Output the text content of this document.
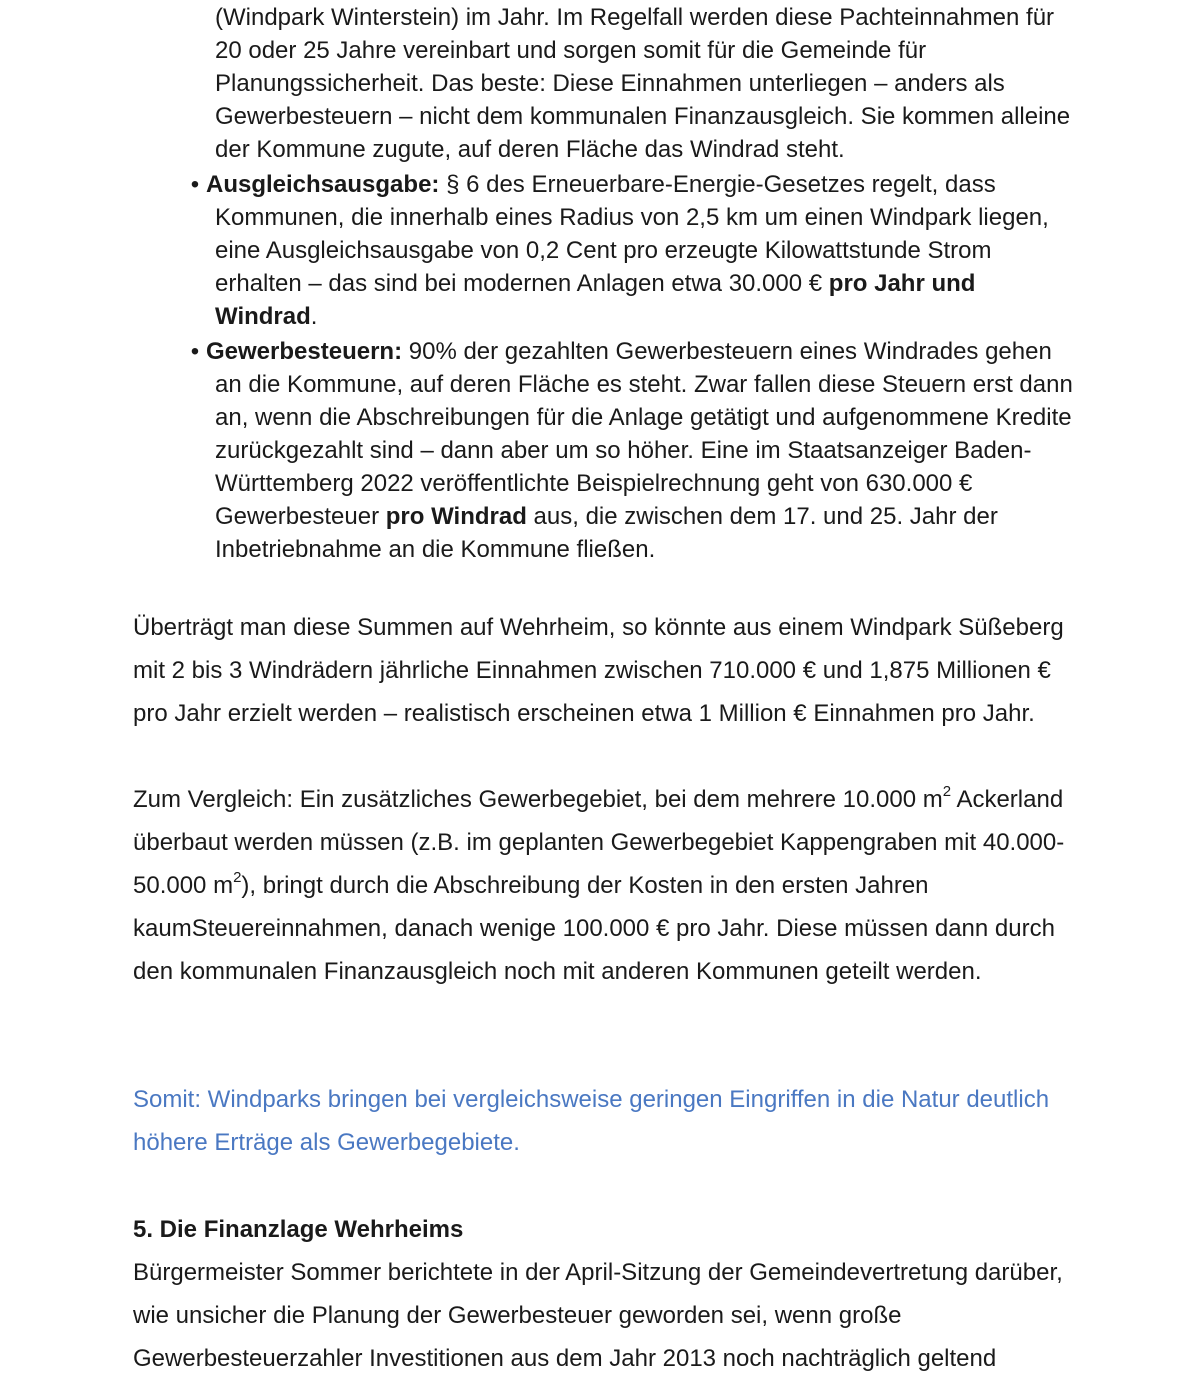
(Windpark Winterstein) im Jahr. Im Regelfall werden diese Pachteinnahmen für 20 oder 25 Jahre vereinbart und sorgen somit für die Gemeinde für Planungssicherheit. Das beste: Diese Einnahmen unterliegen – anders als Gewerbesteuern – nicht dem kommunalen Finanzausgleich. Sie kommen alleine der Kommune zugute, auf deren Fläche das Windrad steht.

• Ausgleichsausgabe: § 6 des Erneuerbare-Energie-Gesetzes regelt, dass Kommunen, die innerhalb eines Radius von 2,5 km um einen Windpark liegen, eine Ausgleichsausgabe von 0,2 Cent pro erzeugte Kilowattstunde Strom erhalten – das sind bei modernen Anlagen etwa 30.000 € pro Jahr und Windrad.

• Gewerbesteuern: 90% der gezahlten Gewerbesteuern eines Windrades gehen an die Kommune, auf deren Fläche es steht. Zwar fallen diese Steuern erst dann an, wenn die Abschreibungen für die Anlage getätigt und aufgenommene Kredite zurückgezahlt sind – dann aber um so höher. Eine im Staatsanzeiger Baden-Württemberg 2022 veröffentlichte Beispielrechnung geht von 630.000 € Gewerbesteuer pro Windrad aus, die zwischen dem 17. und 25. Jahr der Inbetriebnahme an die Kommune fließen.

Überträgt man diese Summen auf Wehrheim, so könnte aus einem Windpark Süßeberg mit 2 bis 3 Windrädern jährliche Einnahmen zwischen 710.000 € und 1,875 Millionen € pro Jahr erzielt werden – realistisch erscheinen etwa 1 Million € Einnahmen pro Jahr.

Zum Vergleich: Ein zusätzliches Gewerbegebiet, bei dem mehrere 10.000 $m^2$ Ackerland überbaut werden müssen (z.B. im geplanten Gewerbegebiet Kappengraben mit 40.000-50.000 $m^2$), bringt durch die Abschreibung der Kosten in den ersten Jahren kaumSteuereinnahmen, danach wenige 100.000 € pro Jahr. Diese müssen dann durch den kommunalen Finanzausgleich noch mit anderen Kommunen geteilt werden.

Somit: Windparks bringen bei vergleichsweise geringen Eingriffen in die Natur deutlich höhere Erträge als Gewerbegebiete.

5. Die Finanzlage Wehrheims

Bürgermeister Sommer berichtete in der April-Sitzung der Gemeindevertretung darüber, wie unsicher die Planung der Gewerbesteuer geworden sei, wenn große Gewerbesteuerzahler Investitionen aus dem Jahr 2013 noch nachträglich geltend
